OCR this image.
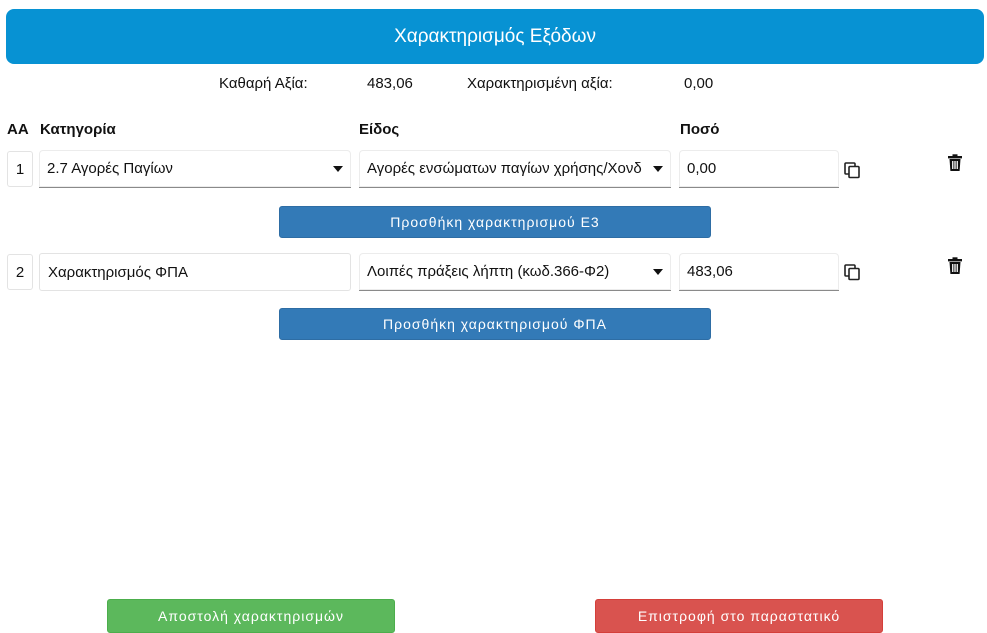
Χαρακτηρισμός Εξόδων
Καθαρή Αξία:	483,06	Χαρακτηρισμένη αξία:	0,00
ΑΑ Κατηγορία	Είδος	Ποσό
1 2.7 Αγορές Παγίων	Αγορές ενσώματων παγίων χρήσης/Χονδ	0,00
Προσθήκη χαρακτηρισμού Ε3
2 Χαρακτηρισμός ΦΠΑ	Λοιπές πράξεις λήπτη (κωδ.366-Φ2)	483,06
Προσθήκη χαρακτηρισμού ΦΠΑ
Αποστολή χαρακτηρισμών	Επιστροφή στο παραστατικό
